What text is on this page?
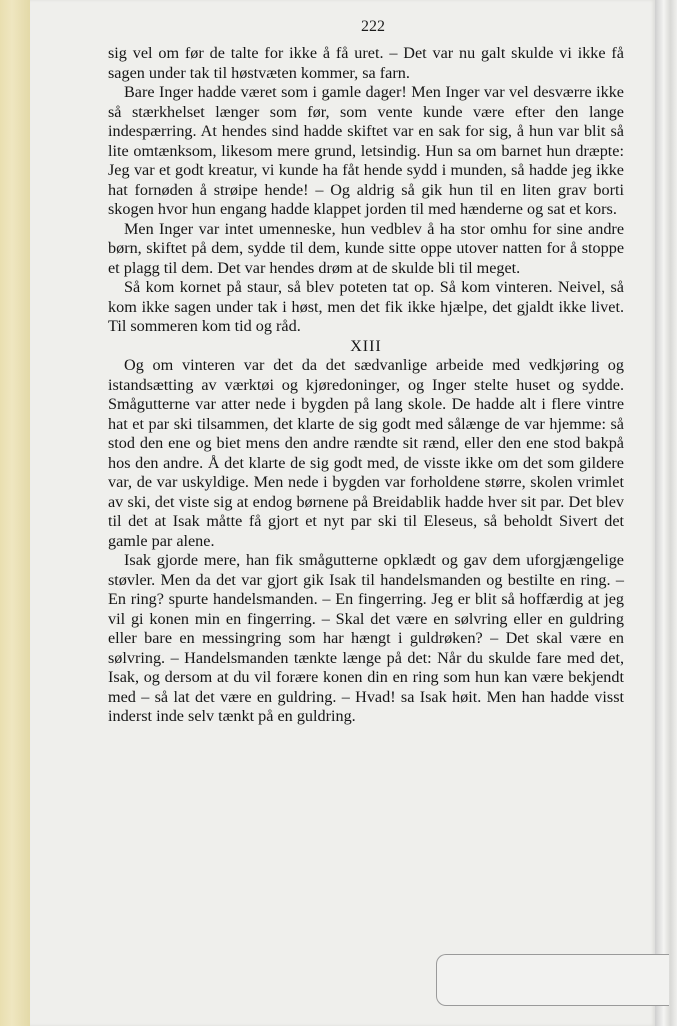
222

sig vel om før de talte for ikke å få uret. – Det var nu galt skulde vi ikke få sagen under tak til høstvæten kommer, sa farn.

Bare Inger hadde været som i gamle dager! Men Inger var vel desværre ikke så stærkhelset længer som før, som vente kunde være efter den lange indespærring. At hendes sind hadde skiftet var en sak for sig, å hun var blit så lite omtænksom, likesom mere grund, letsindig. Hun sa om barnet hun dræpte: Jeg var et godt kreatur, vi kunde ha fåt hende sydd i munden, så hadde jeg ikke hat fornøden å strøipe hende! – Og aldrig så gik hun til en liten grav borti skogen hvor hun engang hadde klappet jorden til med hænderne og sat et kors.

Men Inger var intet umenneske, hun vedblev å ha stor omhu for sine andre børn, skiftet på dem, sydde til dem, kunde sitte oppe utover natten for å stoppe et plagg til dem. Det var hendes drøm at de skulde bli til meget.

Så kom kornet på staur, så blev poteten tat op. Så kom vinteren. Neivel, så kom ikke sagen under tak i høst, men det fik ikke hjælpe, det gjaldt ikke livet. Til sommeren kom tid og råd.

XIII

Og om vinteren var det da det sædvanlige arbeide med vedkjøring og istandsætting av værktøi og kjøredoninger, og Inger stelte huset og sydde. Smågutterne var atter nede i bygden på lang skole. De hadde alt i flere vintre hat et par ski tilsammen, det klarte de sig godt med sålænge de var hjemme: så stod den ene og biet mens den andre rændte sit rænd, eller den ene stod bakpå hos den andre. Å det klarte de sig godt med, de visste ikke om det som gildere var, de var uskyldige. Men nede i bygden var forholdene større, skolen vrimlet av ski, det viste sig at endog børnene på Breidablik hadde hver sit par. Det blev til det at Isak måtte få gjort et nyt par ski til Eleseus, så beholdt Sivert det gamle par alene.

Isak gjorde mere, han fik smågutterne opklædt og gav dem uforgjængelige støvler. Men da det var gjort gik Isak til handelsmanden og bestilte en ring. – En ring? spurte handelsmanden. – En fingerring. Jeg er blit så hoffærdig at jeg vil gi konen min en fingerring. – Skal det være en sølvring eller en guldring eller bare en messingring som har hængt i guldrøken? – Det skal være en sølvring. – Handelsmanden tænkte længe på det: Når du skulde fare med det, Isak, og dersom at du vil forære konen din en ring som hun kan være bekjendt med – så lat det være en guldring. – Hvad! sa Isak høit. Men han hadde visst inderst inde selv tænkt på en guldring.
